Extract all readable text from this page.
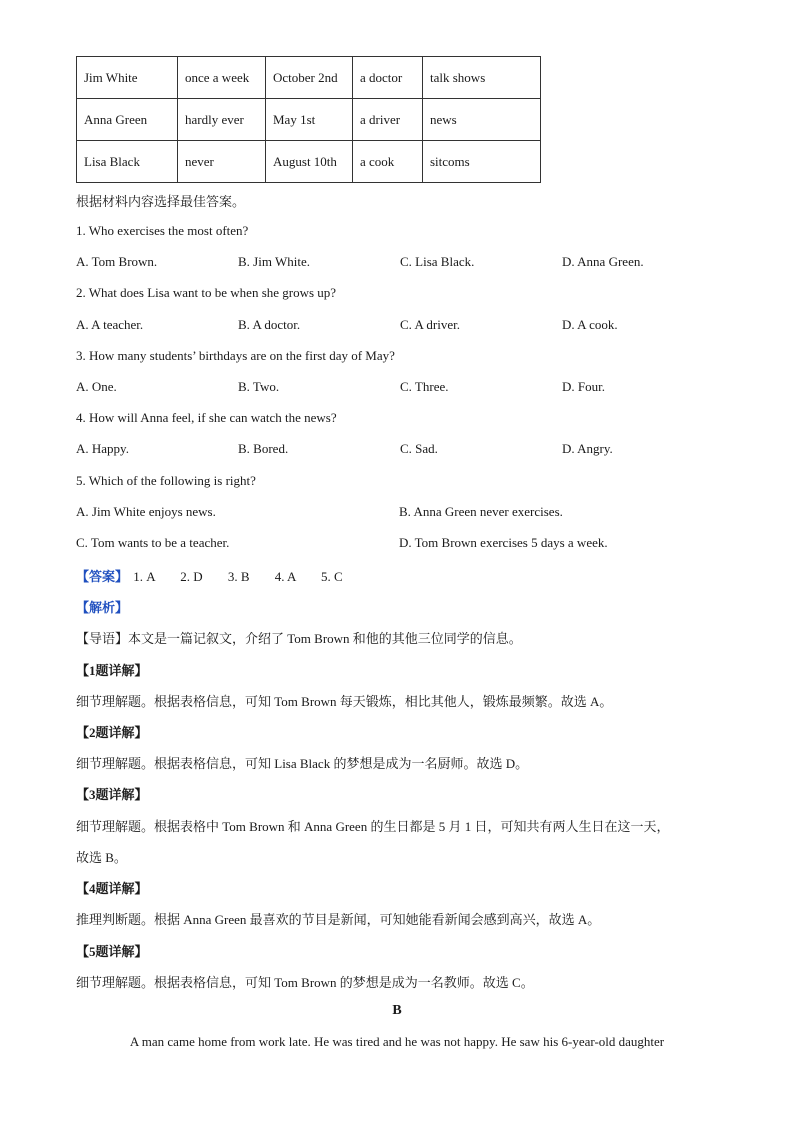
Jim White	once a week	October 2nd	a doctor	talk shows
Anna Green	hardly ever	May 1st	a driver	news
Lisa Black	never	August 10th	a cook	sitcoms
根据材料内容选择最佳答案。
1. Who exercises the most often?
A. Tom Brown.	B. Jim White.	C. Lisa Black.	D. Anna Green.
2. What does Lisa want to be when she grows up?
A. A teacher.	B. A doctor.	C. A driver.	D. A cook.
3. How many students’ birthdays are on the first day of May?
A. One.	B. Two.	C. Three.	D. Four.
4. How will Anna feel, if she can watch the news?
A. Happy.	B. Bored.	C. Sad.	D. Angry.
5. Which of the following is right?
A. Jim White enjoys news.	B. Anna Green never exercises.
C. Tom wants to be a teacher.	D. Tom Brown exercises 5 days a week.
【答案】 1. A 2. D 3. B 4. A 5. C
【解析】
【导语】本文是一篇记叙文，介绍了 Tom Brown 和他的其他三位同学的信息。
【1题详解】
细节理解题。根据表格信息，可知 Tom Brown 每天锻炼，相比其他人，锻炼最频繁。故选 A。
【2题详解】
细节理解题。根据表格信息，可知 Lisa Black 的梦想是成为一名厨师。故选 D。
【3题详解】
细节理解题。根据表格中 Tom Brown 和 Anna Green 的生日都是 5 月 1 日，可知共有两人生日在这一天，
故选 B。
【4题详解】
推理判断题。根据 Anna Green 最喜欢的节目是新闻，可知她能看新闻会感到高兴，故选 A。
【5题详解】
细节理解题。根据表格信息，可知 Tom Brown 的梦想是成为一名教师。故选 C。
B
A man came home from work late. He was tired and he was not happy. He saw his 6-year-old daughter
